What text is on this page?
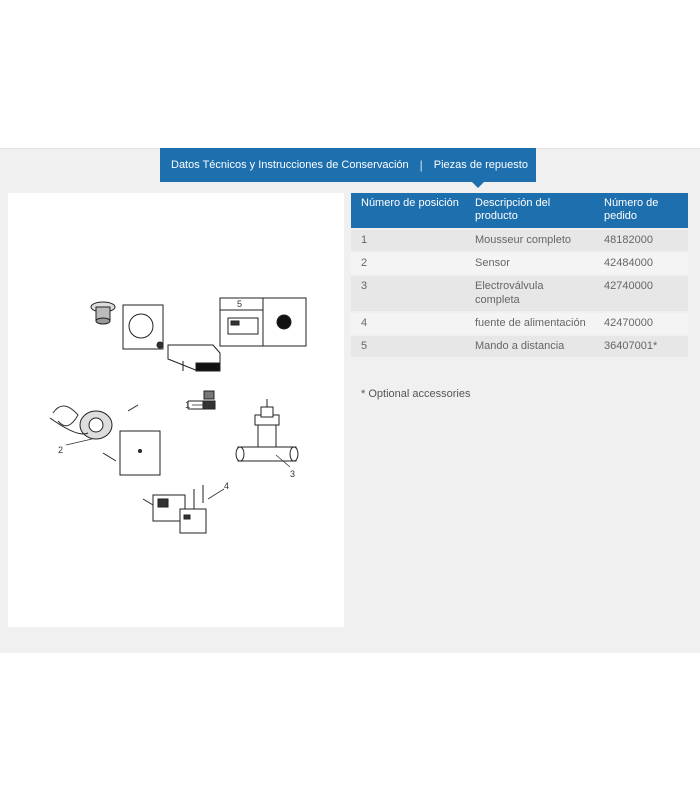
Datos Técnicos y Instrucciones de Conservación |	Piezas de repuesto
1
2
3
4
5
Número de posición	Descripción del producto	Número de pedido
1	Mousseur completo	48182000
2	Sensor	42484000
3	Electroválvula completa	42740000
4	fuente de alimentación	42470000
5	Mando a distancia	36407001*
* Optional accessories
